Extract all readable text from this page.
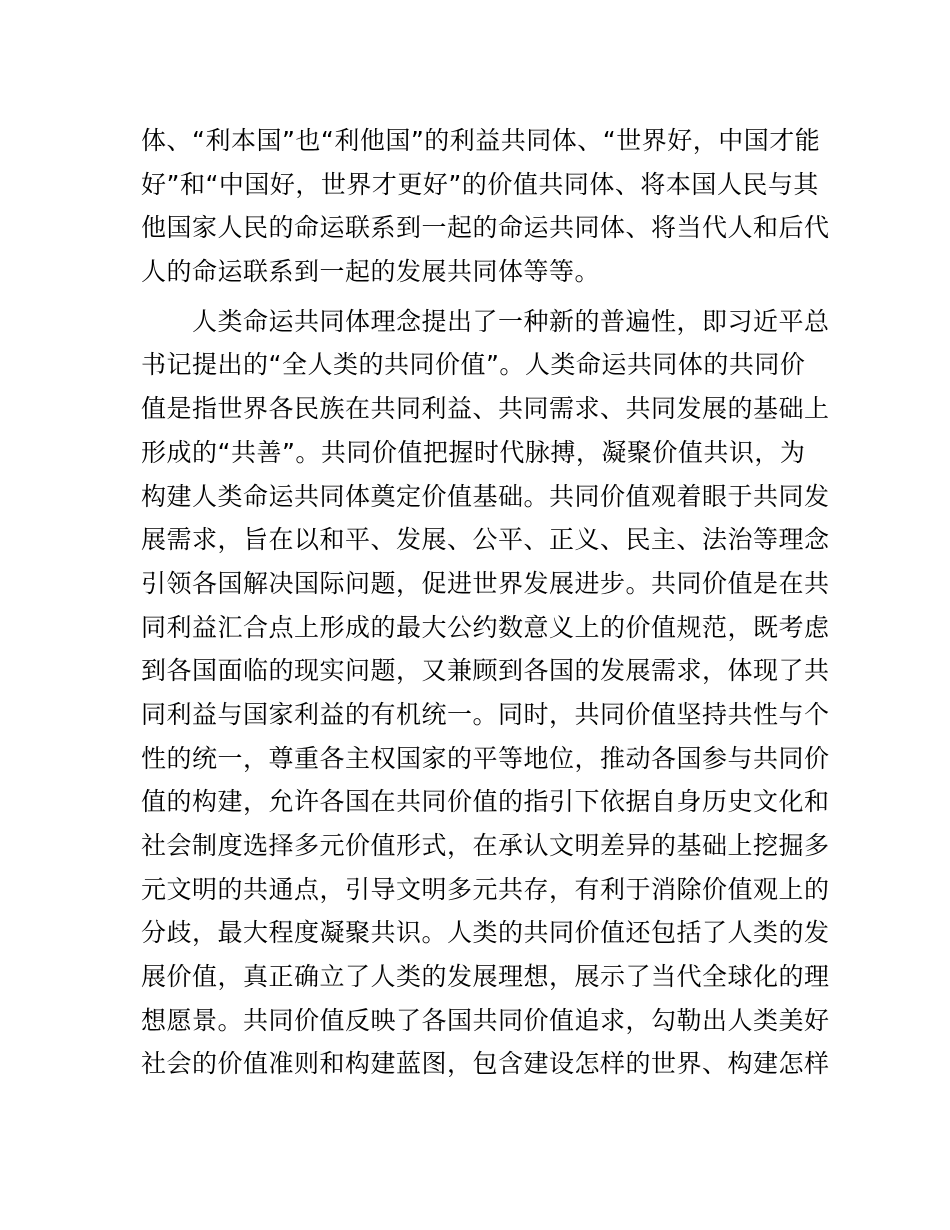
体、“利本国”也“利他国”的利益共同体、“世界好，中国才能
好”和“中国好，世界才更好”的价值共同体、将本国人民与其
他国家人民的命运联系到一起的命运共同体、将当代人和后代
人的命运联系到一起的发展共同体等等。
　　人类命运共同体理念提出了一种新的普遍性，即习近平总
书记提出的“全人类的共同价值”。人类命运共同体的共同价
值是指世界各民族在共同利益、共同需求、共同发展的基础上
形成的“共善”。共同价值把握时代脉搏，凝聚价值共识，为
构建人类命运共同体奠定价值基础。共同价值观着眼于共同发
展需求，旨在以和平、发展、公平、正义、民主、法治等理念
引领各国解决国际问题，促进世界发展进步。共同价值是在共
同利益汇合点上形成的最大公约数意义上的价值规范，既考虑
到各国面临的现实问题，又兼顾到各国的发展需求，体现了共
同利益与国家利益的有机统一。同时，共同价值坚持共性与个
性的统一，尊重各主权国家的平等地位，推动各国参与共同价
值的构建，允许各国在共同价值的指引下依据自身历史文化和
社会制度选择多元价值形式，在承认文明差异的基础上挖掘多
元文明的共通点，引导文明多元共存，有利于消除价值观上的
分歧，最大程度凝聚共识。人类的共同价值还包括了人类的发
展价值，真正确立了人类的发展理想，展示了当代全球化的理
想愿景。共同价值反映了各国共同价值追求，勾勒出人类美好
社会的价值准则和构建蓝图，包含建设怎样的世界、构建怎样
